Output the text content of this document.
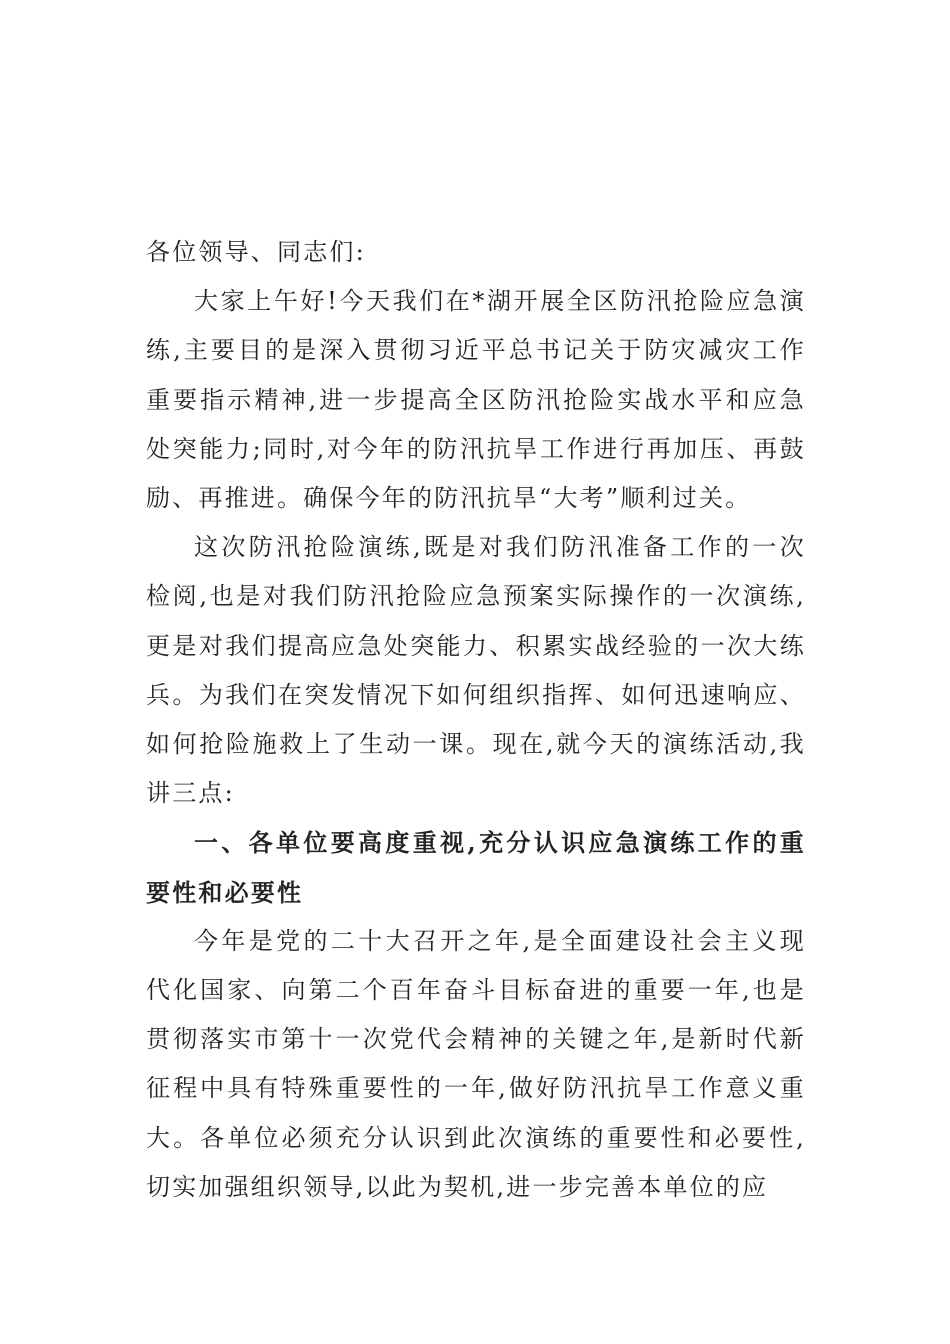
各位领导、同志们:

大家上午好!今天我们在*湖开展全区防汛抢险应急演练,主要目的是深入贯彻习近平总书记关于防灾减灾工作重要指示精神,进一步提高全区防汛抢险实战水平和应急处突能力;同时,对今年的防汛抗旱工作进行再加压、再鼓励、再推进。确保今年的防汛抗旱“大考”顺利过关。

这次防汛抢险演练,既是对我们防汛准备工作的一次检阅,也是对我们防汛抢险应急预案实际操作的一次演练,更是对我们提高应急处突能力、积累实战经验的一次大练兵。为我们在突发情况下如何组织指挥、如何迅速响应、如何抢险施救上了生动一课。现在,就今天的演练活动,我讲三点:

一、各单位要高度重视,充分认识应急演练工作的重要性和必要性

今年是党的二十大召开之年,是全面建设社会主义现代化国家、向第二个百年奋斗目标奋进的重要一年,也是贯彻落实市第十一次党代会精神的关键之年,是新时代新征程中具有特殊重要性的一年,做好防汛抗旱工作意义重大。各单位必须充分认识到此次演练的重要性和必要性,切实加强组织领导,以此为契机,进一步完善本单位的应
